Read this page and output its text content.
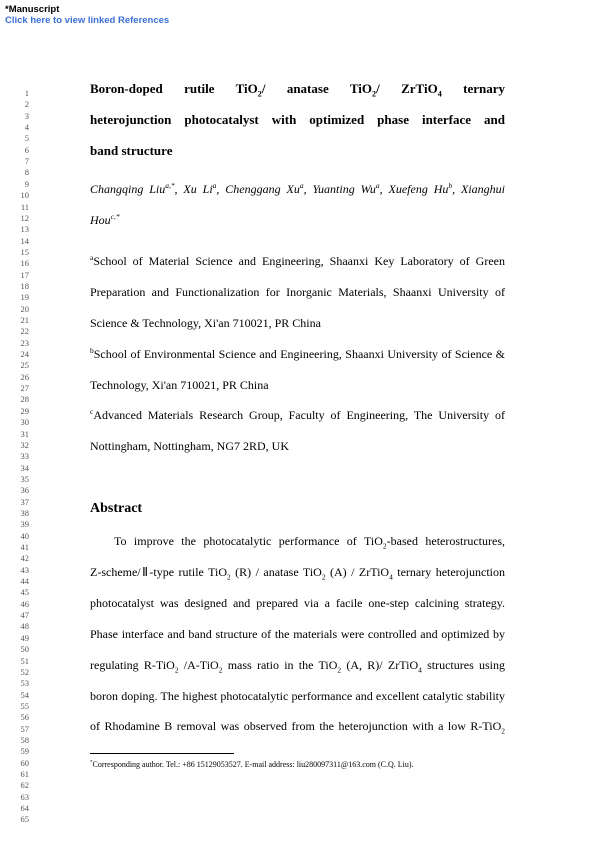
*Manuscript
Click here to view linked References
1
2
3
4
5
6
7
8
9
10
11
12
13
14
15
16
17
18
19
20
21
22
23
24
25
26
27
28
29
30
31
32
33
34
35
36
37
38
39
40
41
42
43
44
45
46
47
48
49
50
51
52
53
54
55
56
57
58
59
60
61
62
63
64
65
Boron-doped rutile TiO$_2$/ anatase TiO$_2$/ ZrTiO$_4$ ternary
heterojunction photocatalyst with optimized phase interface and
band structure
Changqing Liu$^{a,*}$, Xu Li$^a$, Chenggang Xu$^a$, Yuanting Wu$^a$, Xuefeng Hu$^b$, Xianghui
Hou$^{c,*}$
$^a$School of Material Science and Engineering, Shaanxi Key Laboratory of Green
Preparation and Functionalization for Inorganic Materials, Shaanxi University of
Science & Technology, Xi'an 710021, PR China
$^b$School of Environmental Science and Engineering, Shaanxi University of Science &
Technology, Xi'an 710021, PR China
$^c$Advanced Materials Research Group, Faculty of Engineering, The University of
Nottingham, Nottingham, NG7 2RD, UK
Abstract
To improve the photocatalytic performance of TiO$_2$-based heterostructures,
Z-scheme/Ⅱ-type rutile TiO$_2$ (R) / anatase TiO$_2$ (A) / ZrTiO$_4$ ternary heterojunction
photocatalyst was designed and prepared via a facile one-step calcining strategy.
Phase interface and band structure of the materials were controlled and optimized by
regulating R-TiO$_2$ /A-TiO$_2$ mass ratio in the TiO$_2$ (A, R)/ ZrTiO$_4$ structures using
boron doping. The highest photocatalytic performance and excellent catalytic stability
of Rhodamine B removal was observed from the heterojunction with a low R-TiO$_2$
*Corresponding author. Tel.: +86 15129053527. E-mail address: liu280097311@163.com (C.Q. Liu).
